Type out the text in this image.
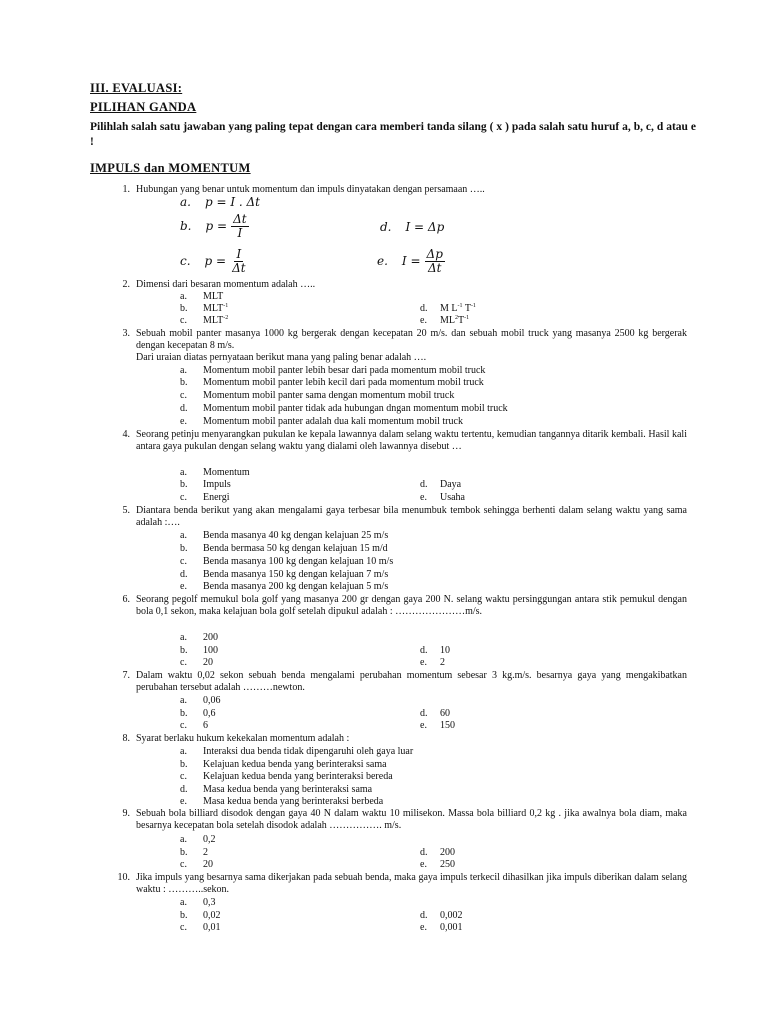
III. EVALUASI:
PILIHAN GANDA
Pilihlah salah satu jawaban yang paling tepat dengan cara memberi tanda silang ( x ) pada salah satu huruf a, b, c, d atau e !
IMPULS dan MOMENTUM
1. Hubungan yang benar untuk momentum dan impuls dinyatakan dengan persamaan …..
a. p = I . Δt
b. $p = \frac{\Delta t}{I}$	d. I = Δp
c. $p = \frac{I}{\Delta t}$	e. $I = \frac{\Delta p}{\Delta t}$
2. Dimensi dari besaran momentum adalah …..
a. MLT
b. $MLT^{-1}$
c. $MLT^{-2}$
d. M $L^{-1}$ $T^{-1}$
e. $ML^2T^{-1}$
3. Sebuah mobil panter masanya 1000 kg bergerak dengan kecepatan 20 m/s. dan sebuah mobil truck yang masanya 2500 kg bergerak dengan kecepatan 8 m/s.
Dari uraian diatas pernyataan berikut mana yang paling benar adalah ….
a. Momentum mobil panter lebih besar dari pada momentum mobil truck
b. Momentum mobil panter lebih kecil dari pada momentum mobil truck
c. Momentum mobil panter sama dengan momentum mobil truck
d. Momentum mobil panter tidak ada hubungan dngan momentum mobil truck
e. Momentum mobil panter adalah dua kali momentum mobil truck
4. Seorang petinju menyarangkan pukulan ke kepala lawannya dalam selang waktu tertentu, kemudian tangannya ditarik kembali. Hasil kali antara gaya pukulan dengan selang waktu yang dialami oleh lawannya disebut …
a. Momentum
b. Impuls
c. Energi
d. Daya
e. Usaha
5. Diantara benda berikut yang akan mengalami gaya terbesar bila menumbuk tembok sehingga berhenti dalam selang waktu yang sama adalah :….
a. Benda masanya 40 kg dengan kelajuan 25 m/s
b. Benda bermasa 50 kg dengan kelajuan 15 m/d
c. Benda masanya 100 kg dengan kelajuan 10 m/s
d. Benda masanya 150 kg dengan kelajuan 7 m/s
e. Benda masanya 200 kg dengan kelajuan 5 m/s
6. Seorang pegolf memukul bola golf yang masanya 200 gr dengan gaya 200 N. selang waktu persinggungan antara stik pemukul dengan bola 0,1 sekon, maka kelajuan bola golf setelah dipukul adalah : …………………m/s.
a. 200
b. 100
c. 20
d. 10
e. 2
7. Dalam waktu 0,02 sekon sebuah benda mengalami perubahan momentum sebesar 3 kg.m/s. besarnya gaya yang mengakibatkan perubahan tersebut adalah ………newton.
a. 0,06
b. 0,6
c. 6
d. 60
e. 150
8. Syarat berlaku hukum kekekalan momentum adalah :
a. Interaksi dua benda tidak dipengaruhi oleh gaya luar
b. Kelajuan kedua benda yang berinteraksi sama
c. Kelajuan kedua benda yang berinteraksi bereda
d. Masa kedua benda yang berinteraksi sama
e. Masa kedua benda yang berinteraksi berbeda
9. Sebuah bola billiard disodok dengan gaya 40 N dalam waktu 10 milisekon. Massa bola billiard 0,2 kg . jika awalnya bola diam, maka besarnya kecepatan bola setelah disodok adalah ……………. m/s.
a. 0,2
b. 2
c. 20
d. 200
e. 250
10. Jika impuls yang besarnya sama dikerjakan pada sebuah benda, maka gaya impuls terkecil dihasilkan jika impuls diberikan dalam selang waktu : ………..sekon.
a. 0,3
b. 0,02
c. 0,01
d. 0,002
e. 0,001
